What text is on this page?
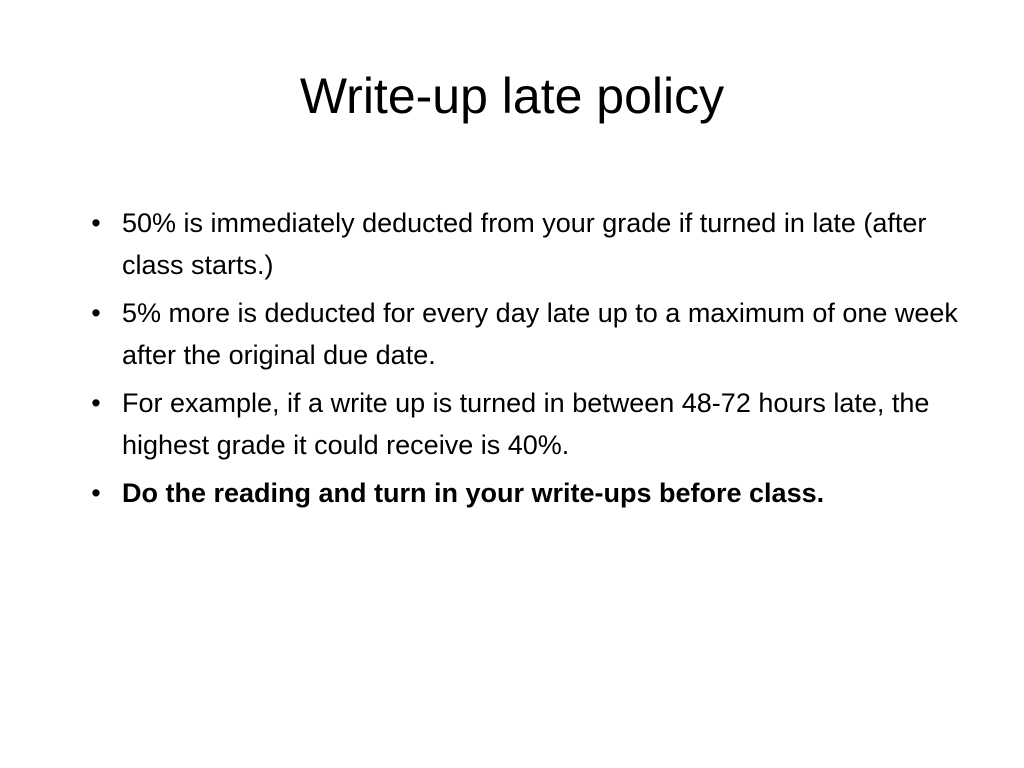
Write-up late policy
• 50% is immediately deducted from your grade if turned in late (after class starts.)
• 5% more is deducted for every day late up to a maximum of one week after the original due date.
• For example, if a write up is turned in between 48-72 hours late, the highest grade it could receive is 40%.
• Do the reading and turn in your write-ups before class.
